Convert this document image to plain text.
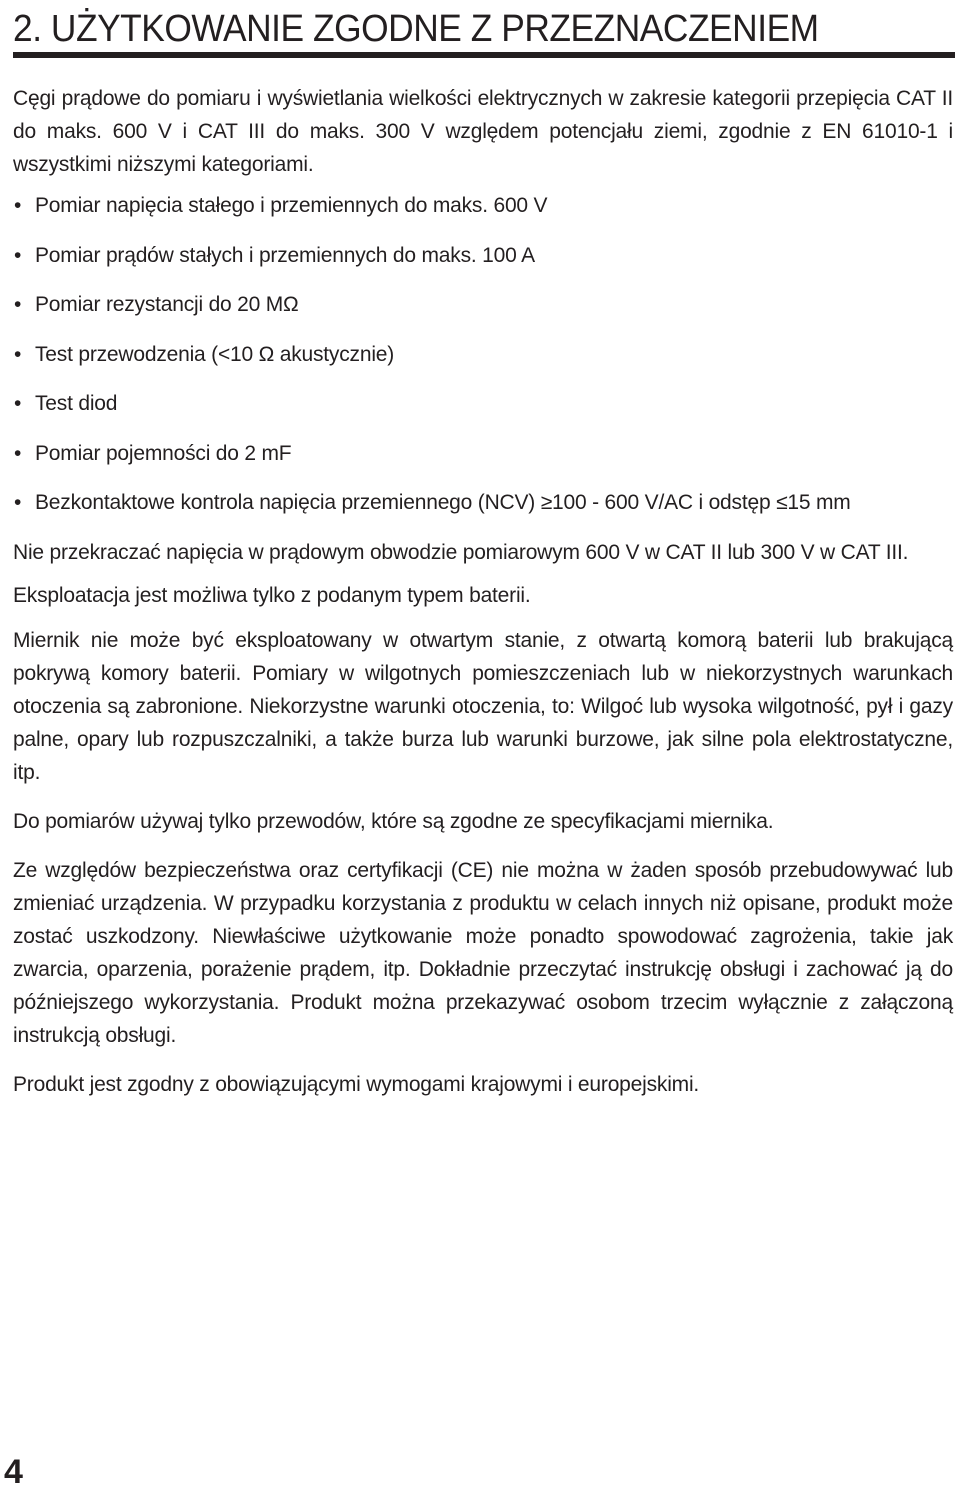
2. UŻYTKOWANIE ZGODNE Z PRZEZNACZENIEM

Cęgi prądowe do pomiaru i wyświetlania wielkości elektrycznych w zakresie kategorii przepięcia CAT II do maks. 600 V i CAT III do maks. 300 V względem potencjału ziemi, zgodnie z EN 61010-1 i wszystkimi niższymi kategoriami.

• Pomiar napięcia stałego i przemiennych do maks. 600 V
• Pomiar prądów stałych i przemiennych do maks. 100 A
• Pomiar rezystancji do 20 MΩ
• Test przewodzenia (<10 Ω akustycznie)
• Test diod
• Pomiar pojemności do 2 mF
• Bezkontaktowe kontrola napięcia przemiennego (NCV) ≥100 - 600 V/AC i odstęp ≤15 mm

Nie przekraczać napięcia w prądowym obwodzie pomiarowym 600 V w CAT II lub 300 V w CAT III.

Eksploatacja jest możliwa tylko z podanym typem baterii.

Miernik nie może być eksploatowany w otwartym stanie, z otwartą komorą baterii lub brakującą pokrywą komory baterii. Pomiary w wilgotnych pomieszczeniach lub w niekorzystnych warunkach otoczenia są zabronione. Niekorzystne warunki otoczenia, to: Wilgoć lub wysoka wilgotność, pył i gazy palne, opary lub rozpuszczalniki, a także burza lub warunki burzowe, jak silne pola elektrostatyczne, itp.

Do pomiarów używaj tylko przewodów, które są zgodne ze specyfikacjami miernika.

Ze względów bezpieczeństwa oraz certyfikacji (CE) nie można w żaden sposób przebudowywać lub zmieniać urządzenia. W przypadku korzystania z produktu w celach innych niż opisane, produkt może zostać uszkodzony. Niewłaściwe użytkowanie może ponadto spowodować zagrożenia, takie jak zwarcia, oparzenia, porażenie prądem, itp. Dokładnie przeczytać instrukcję obsługi i zachować ją do późniejszego wykorzystania. Produkt można przekazywać osobom trzecim wyłącznie z załączoną instrukcją obsługi.

Produkt jest zgodny z obowiązującymi wymogami krajowymi i europejskimi.

4
